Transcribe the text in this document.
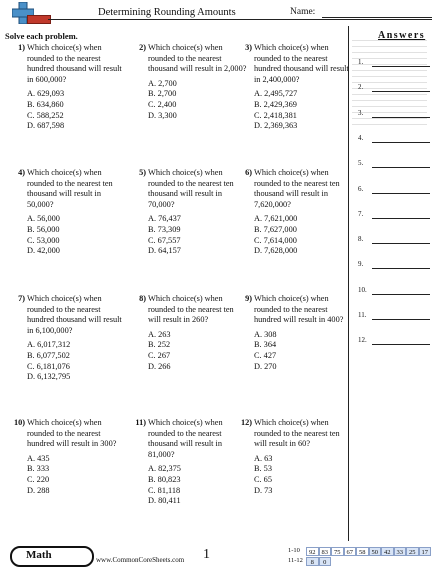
Determining Rounding Amounts	Name:
Solve each problem.
1) Which choice(s) when rounded to the nearest hundred thousand will result in 600,000?
A. 629,093
B. 634,860
C. 588,252
D. 687,598
2) Which choice(s) when rounded to the nearest thousand will result in 2,000?
A. 2,700
B. 2,700
C. 2,400
D. 3,300
3) Which choice(s) when rounded to the nearest hundred thousand will result in 2,400,000?
A. 2,495,727
B. 2,429,369
C. 2,418,381
D. 2,369,363
4) Which choice(s) when rounded to the nearest ten thousand will result in 50,000?
A. 56,000
B. 56,000
C. 53,000
D. 42,000
5) Which choice(s) when rounded to the nearest ten thousand will result in 70,000?
A. 76,437
B. 73,309
C. 67,557
D. 64,157
6) Which choice(s) when rounded to the nearest ten thousand will result in 7,620,000?
A. 7,621,000
B. 7,627,000
C. 7,614,000
D. 7,628,000
7) Which choice(s) when rounded to the nearest hundred thousand will result in 6,100,000?
A. 6,017,312
B. 6,077,502
C. 6,181,076
D. 6,132,795
8) Which choice(s) when rounded to the nearest ten will result in 260?
A. 263
B. 252
C. 267
D. 266
9) Which choice(s) when rounded to the nearest hundred will result in 400?
A. 308
B. 364
C. 427
D. 270
10) Which choice(s) when rounded to the nearest hundred will result in 300?
A. 435
B. 333
C. 220
D. 288
11) Which choice(s) when rounded to the nearest thousand will result in 81,000?
A. 82,375
B. 80,823
C. 81,118
D. 80,411
12) Which choice(s) when rounded to the nearest ten will result in 60?
A. 63
B. 53
C. 65
D. 73
Answers
1.
2.
3.
4.
5.
6.
7.
8.
9.
10.
11.
12.
Math	www.CommonCoreSheets.com 1	1-10	92 83 75 67 58 50 42 33 25 17
11-12	8	0
